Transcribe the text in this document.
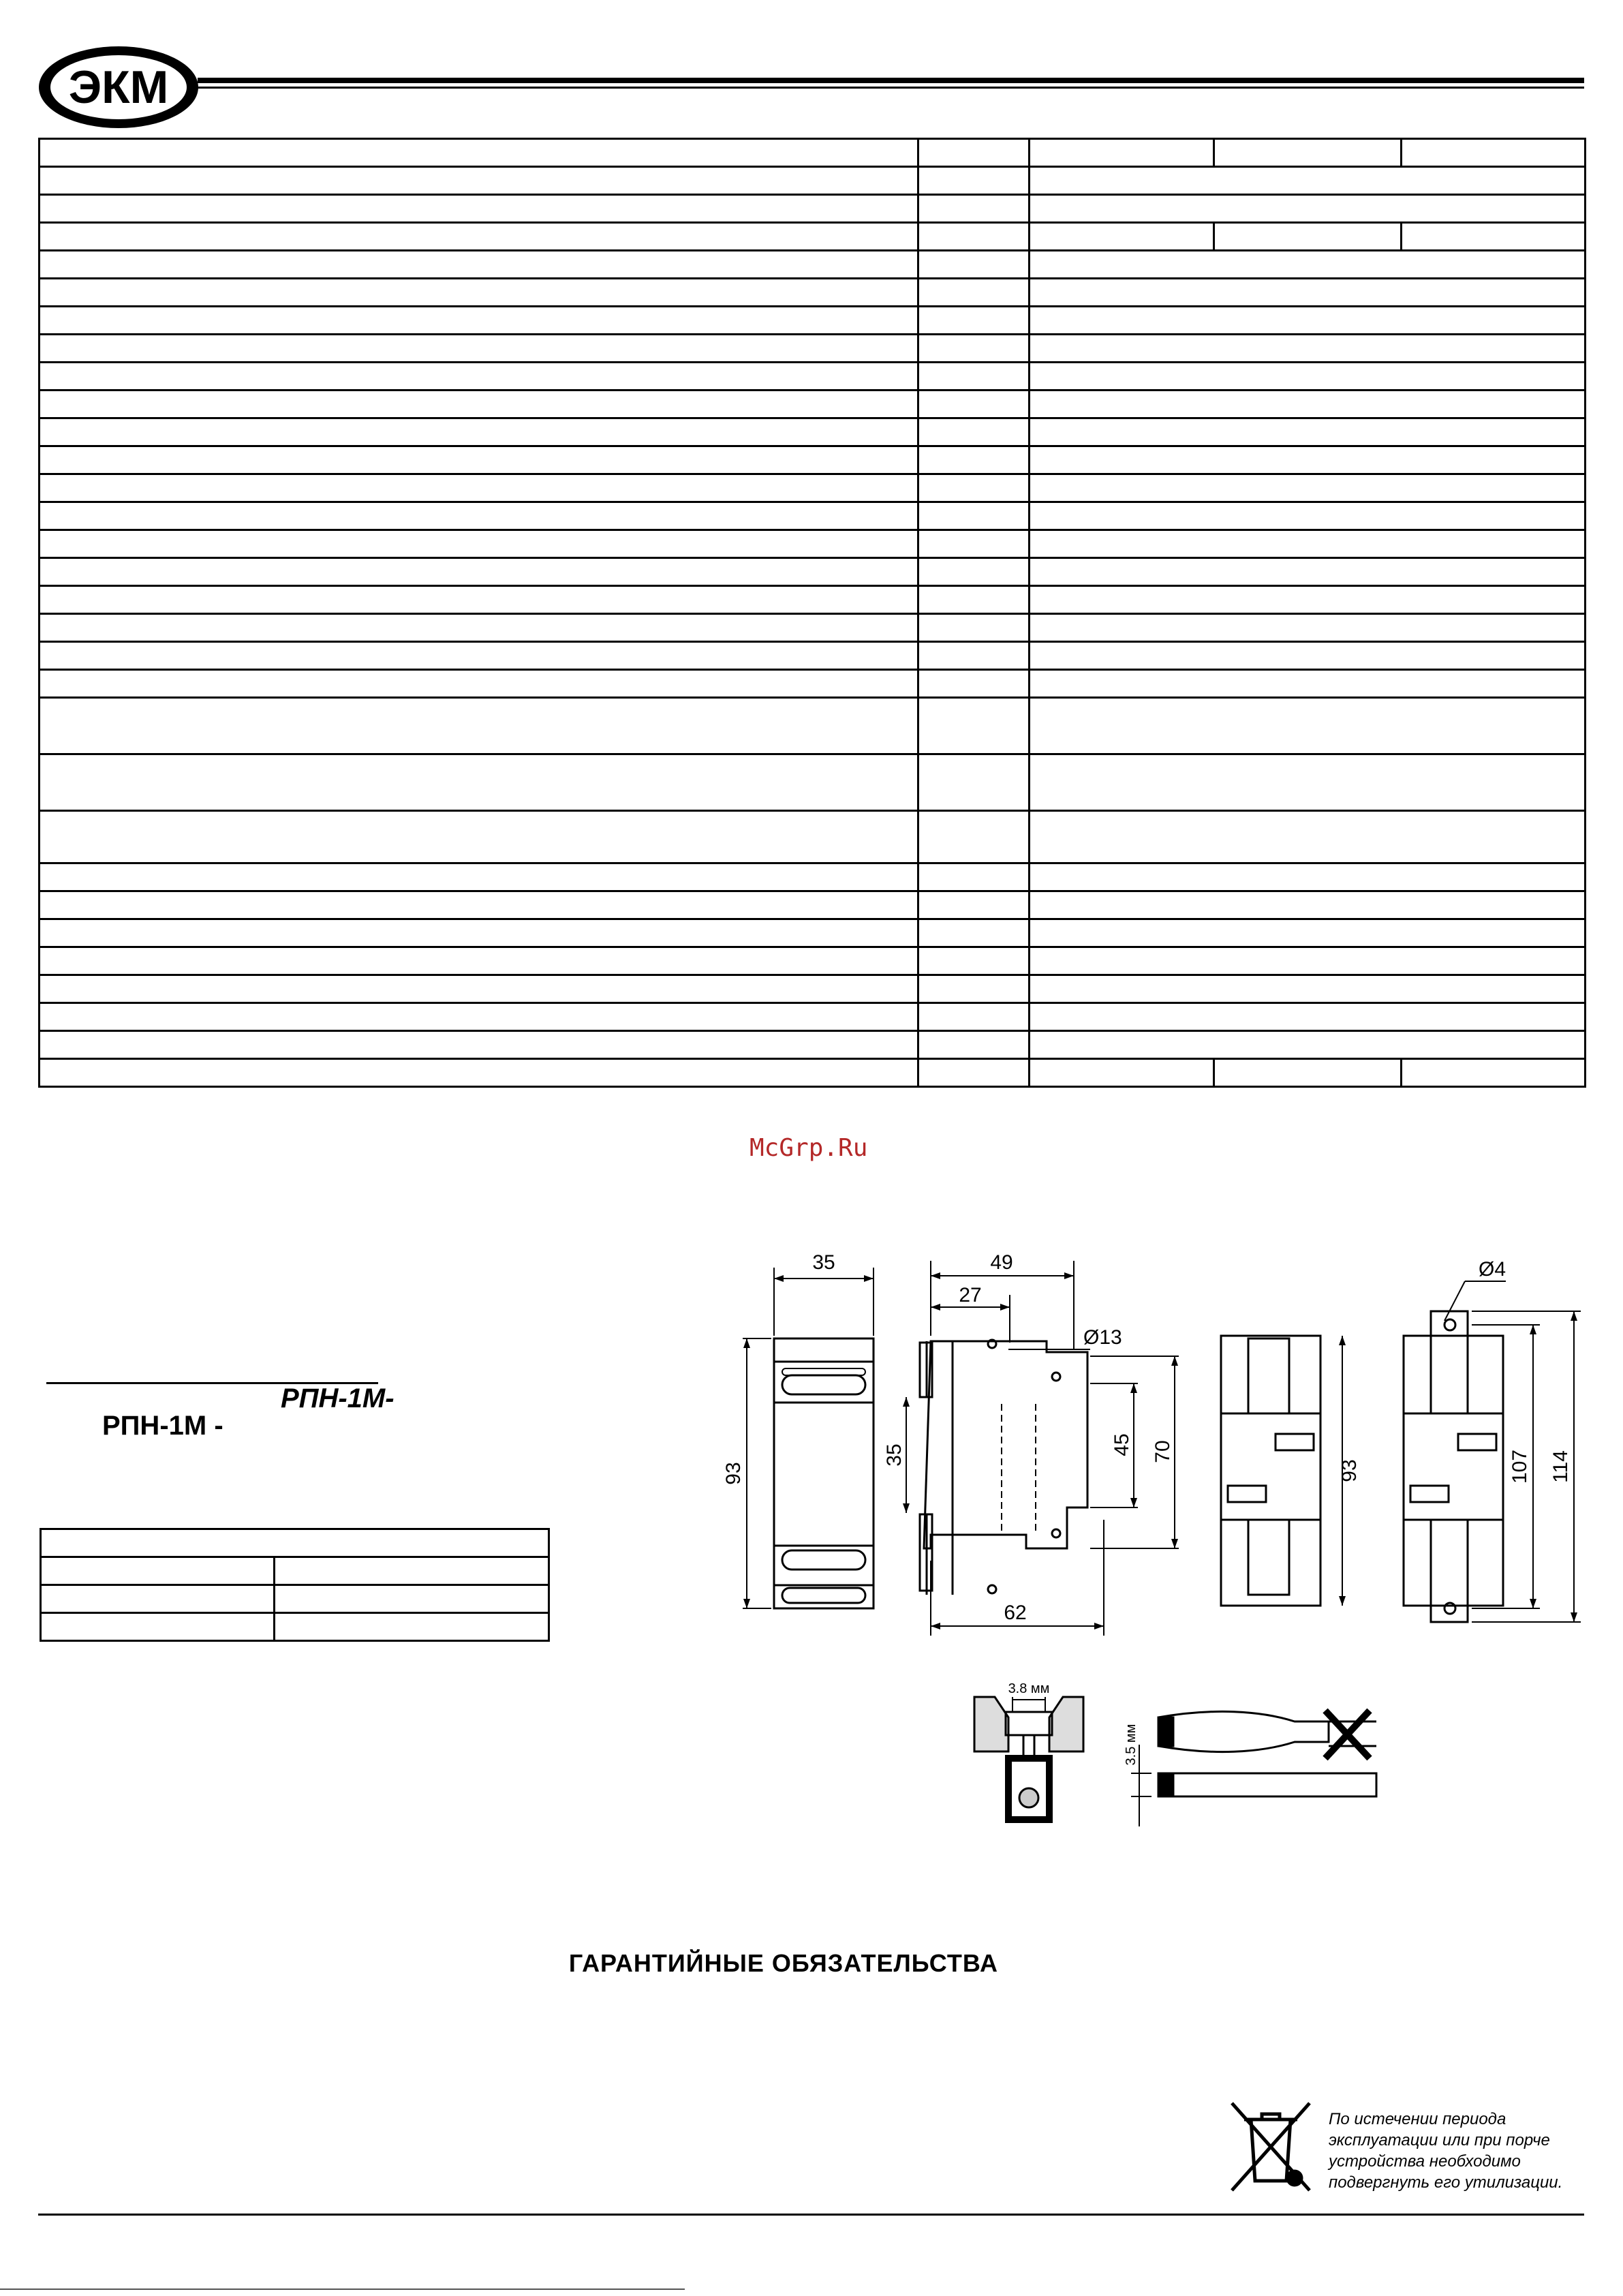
ЭКМ

McGrp.Ru
РПН-1М-
РПН-1М -

35
93
49
27
Ø13
35	45 70
62
93
Ø4
107 114
3.8 мм
3.5 мм
ГАРАНТИЙНЫЕ ОБЯЗАТЕЛЬСТВА
По истечении периода
эксплуатации или при порче
устройства необходимо
подвергнуть его утилизации.
